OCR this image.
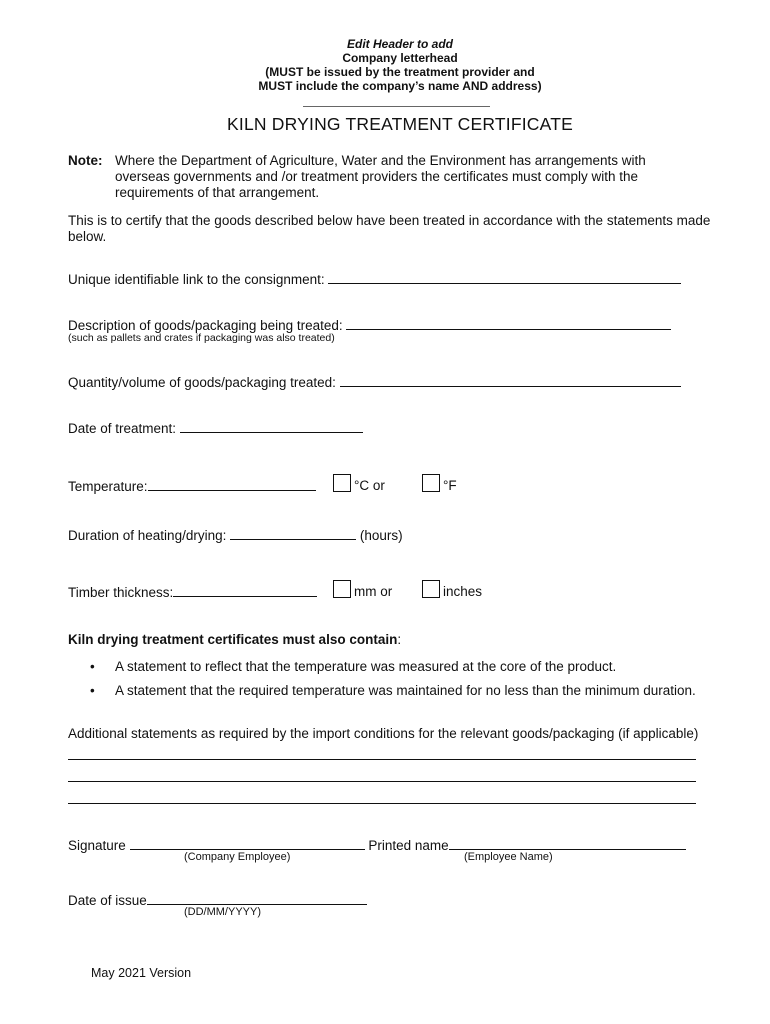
Edit Header to add
Company letterhead
(MUST be issued by the treatment provider and
MUST include the company’s name AND address)
KILN DRYING TREATMENT CERTIFICATE
Note: Where the Department of Agriculture, Water and the Environment has arrangements with overseas governments and /or treatment providers the certificates must comply with the requirements of that arrangement.
This is to certify that the goods described below have been treated in accordance with the statements made below.
Unique identifiable link to the consignment:
Description of goods/packaging being treated:
(such as pallets and crates if packaging was also treated)
Quantity/volume of goods/packaging treated:
Date of treatment:
Temperature:	°C or	°F
Duration of heating/drying:	(hours)
Timber thickness:	mm or	inches
Kiln drying treatment certificates must also contain:
• A statement to reflect that the temperature was measured at the core of the product.
• A statement that the required temperature was maintained for no less than the minimum duration.
Additional statements as required by the import conditions for the relevant goods/packaging (if applicable)
Signature	Printed name
(Company Employee)	(Employee Name)
Date of issue
(DD/MM/YYYY)
May 2021 Version
